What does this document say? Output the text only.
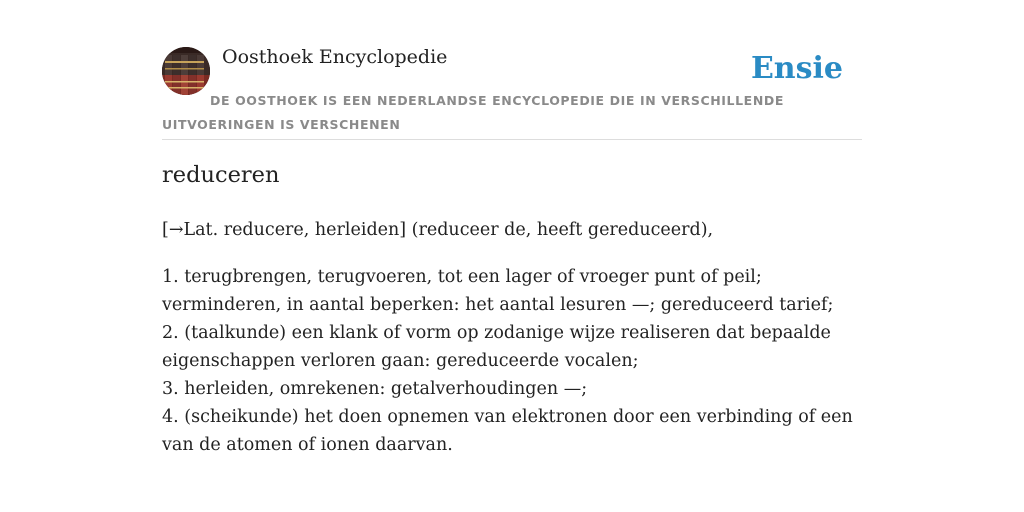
Oosthoek Encyclopedie	Ensie

DE OOSTHOEK IS EEN NEDERLANDSE ENCYCLOPEDIE DIE IN VERSCHILLENDE UITVOERINGEN IS VERSCHENEN

reduceren

[→Lat. reducere, herleiden] (reduceer de, heeft gereduceerd),

1. terugbrengen, terugvoeren, tot een lager of vroeger punt of peil; verminderen, in aantal beperken: het aantal lesuren —; gereduceerd tarief;
2. (taalkunde) een klank of vorm op zodanige wijze realiseren dat bepaalde eigenschappen verloren gaan: gereduceerde vocalen;
3. herleiden, omrekenen: getalverhoudingen —;
4. (scheikunde) het doen opnemen van elektronen door een verbinding of een van de atomen of ionen daarvan.
